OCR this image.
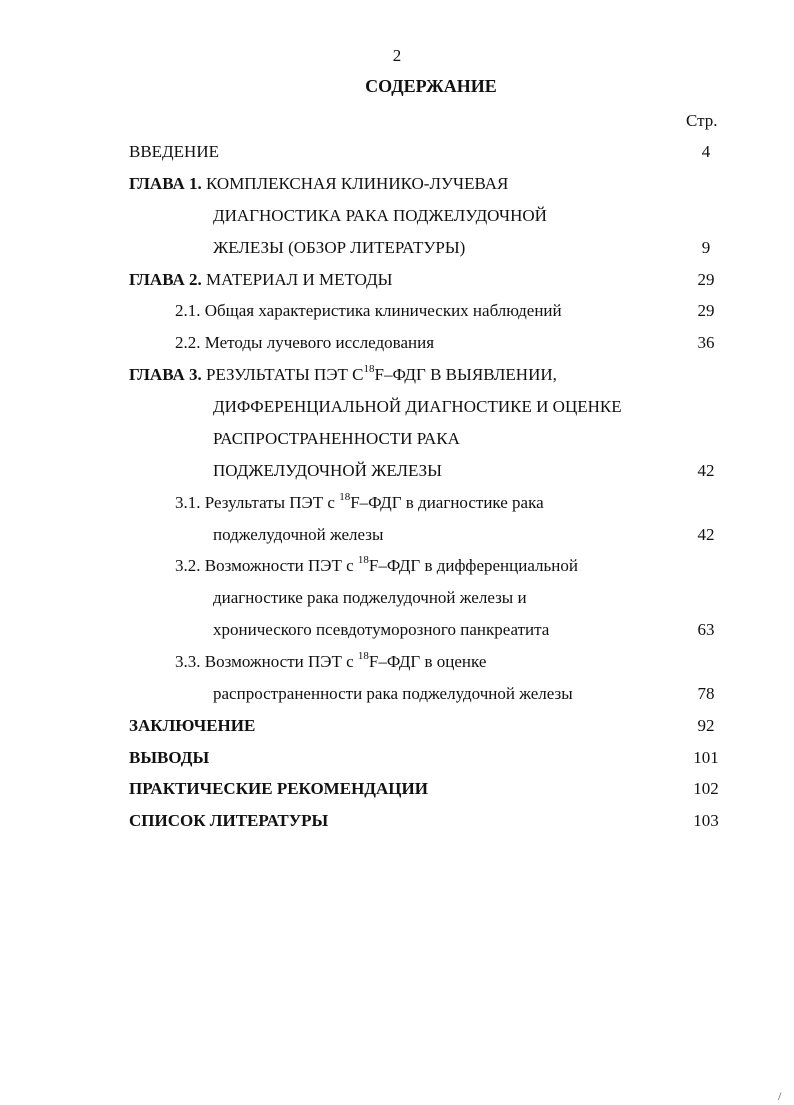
2
СОДЕРЖАНИЕ
Стр.
ВВЕДЕНИЕ	4
ГЛАВА 1. КОМПЛЕКСНАЯ КЛИНИКО-ЛУЧЕВАЯ
ДИАГНОСТИКА РАКА ПОДЖЕЛУДОЧНОЙ
ЖЕЛЕЗЫ (ОБЗОР ЛИТЕРАТУРЫ)	9
ГЛАВА 2. МАТЕРИАЛ И МЕТОДЫ	29
2.1. Общая характеристика клинических наблюдений	29
2.2. Методы лучевого исследования	36
ГЛАВА 3. РЕЗУЛЬТАТЫ ПЭТ $С^{18}F$–ФДГ В ВЫЯВЛЕНИИ,
ДИФФЕРЕНЦИАЛЬНОЙ ДИАГНОСТИКЕ И ОЦЕНКЕ
РАСПРОСТРАНЕННОСТИ РАКА
ПОДЖЕЛУДОЧНОЙ ЖЕЛЕЗЫ	42
3.1. Результаты ПЭТ с $^{18}$F–ФДГ в диагностике рака
поджелудочной железы	42
3.2. Возможности ПЭТ с $^{18}$F–ФДГ в дифференциальной
диагностике рака поджелудочной железы и
хронического псевдотуморозного панкреатита	63
3.3. Возможности ПЭТ с $^{18}$F–ФДГ в оценке
распространенности рака поджелудочной железы	78
ЗАКЛЮЧЕНИЕ	92
ВЫВОДЫ	101
ПРАКТИЧЕСКИЕ РЕКОМЕНДАЦИИ	102
СПИСОК ЛИТЕРАТУРЫ	103
/
